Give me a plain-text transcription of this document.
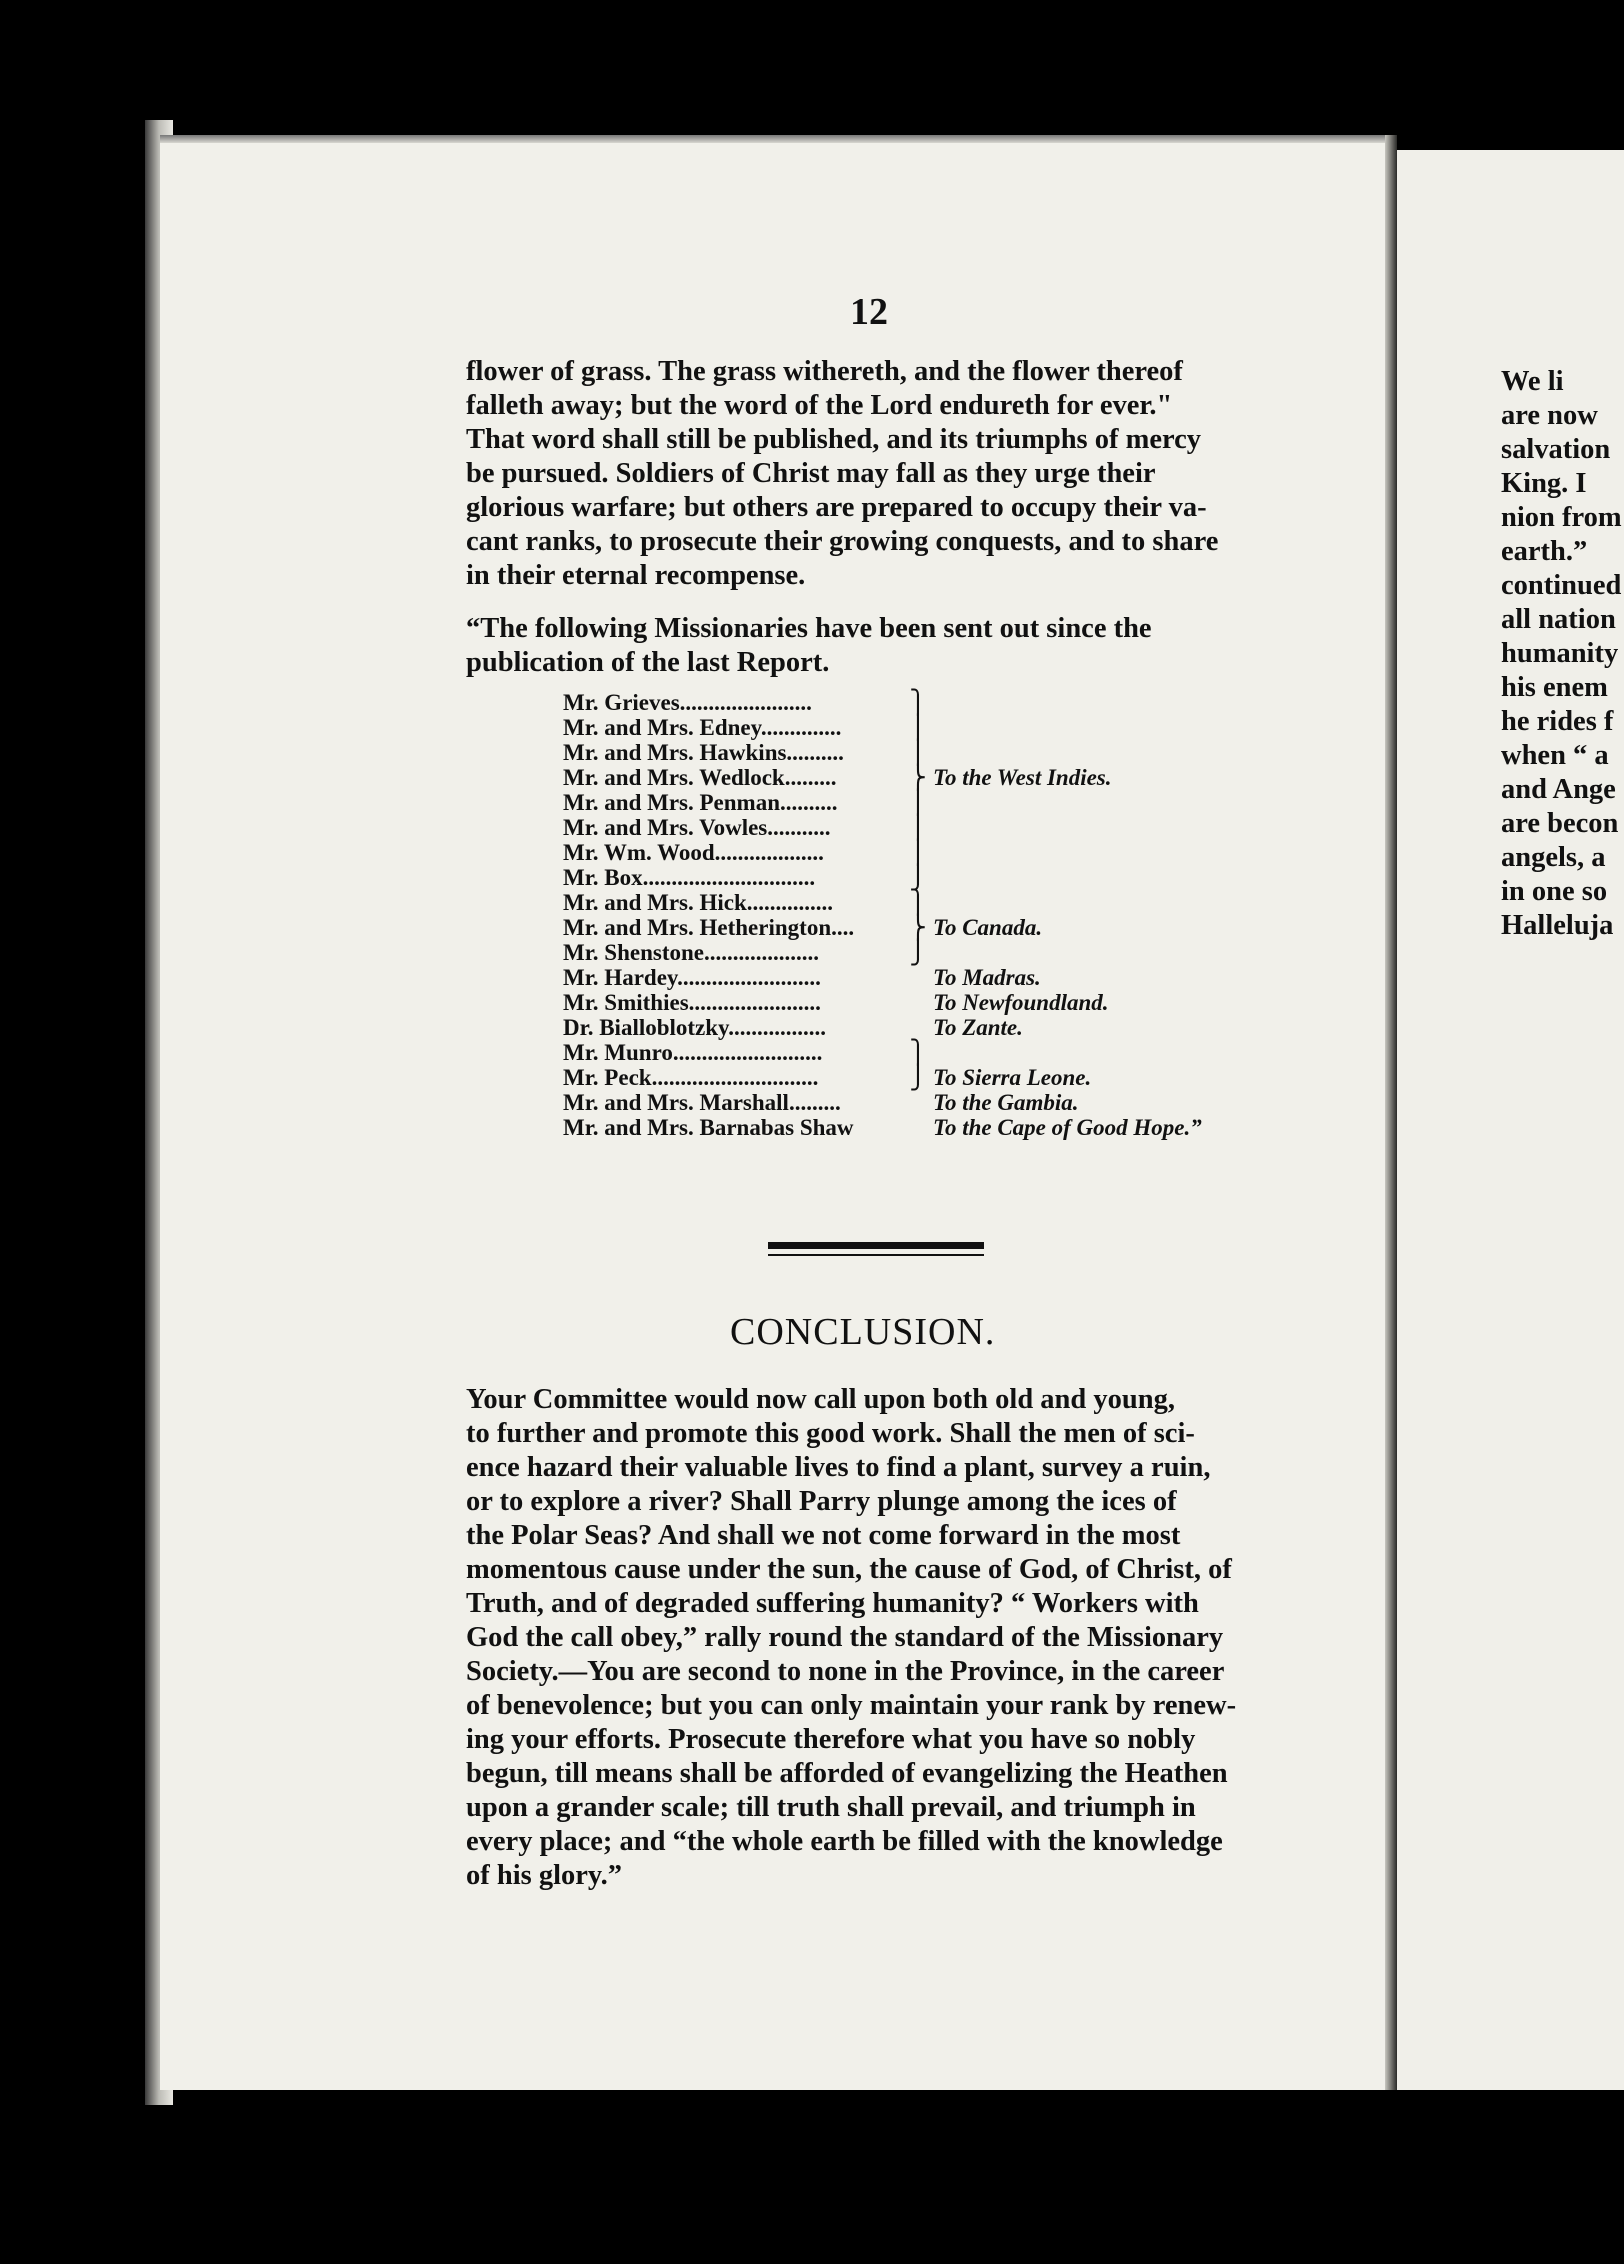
We li
are now
salvation
King. I
nion from
earth.”
continued
all nation
humanity
his enem
he rides f
when “ a
and Ange
are becon
angels, a
in one so
Halleluja
12

flower of grass. The grass withereth, and the flower thereof
falleth away; but the word of the Lord endureth for ever."
That word shall still be published, and its triumphs of mercy
be pursued. Soldiers of Christ may fall as they urge their
glorious warfare; but others are prepared to occupy their va-
cant ranks, to prosecute their growing conquests, and to share
in their eternal recompense.

“The following Missionaries have been sent out since the
publication of the last Report.

Mr. Grieves.......................	⎫
Mr. and Mrs. Edney..............	⎪
Mr. and Mrs. Hawkins..........	⎪
Mr. and Mrs. Wedlock.........	⎬ To the West Indies.
Mr. and Mrs. Penman..........	⎪
Mr. and Mrs. Vowles...........	⎪
Mr. Wm. Wood...................	⎪
Mr. Box..............................	⎭
Mr. and Mrs. Hick...............	⎫
Mr. and Mrs. Hetherington....	⎬ To Canada.
Mr. Shenstone....................	⎭
Mr. Hardey.........................	To Madras.
Mr. Smithies.......................	To Newfoundland.
Dr. Bialloblotzky.................	To Zante.
Mr. Munro..........................	⎫
Mr. Peck.............................	⎭ To Sierra Leone.
Mr. and Mrs. Marshall.........	To the Gambia.
Mr. and Mrs. Barnabas Shaw	To the Cape of Good Hope.”
CONCLUSION.

Your Committee would now call upon both old and young,
to further and promote this good work. Shall the men of sci-
ence hazard their valuable lives to find a plant, survey a ruin,
or to explore a river? Shall Parry plunge among the ices of
the Polar Seas? And shall we not come forward in the most
momentous cause under the sun, the cause of God, of Christ, of
Truth, and of degraded suffering humanity? “ Workers with
God the call obey,” rally round the standard of the Missionary
Society.—You are second to none in the Province, in the career
of benevolence; but you can only maintain your rank by renew-
ing your efforts. Prosecute therefore what you have so nobly
begun, till means shall be afforded of evangelizing the Heathen
upon a grander scale; till truth shall prevail, and triumph in
every place; and “the whole earth be filled with the knowledge
of his glory.”
